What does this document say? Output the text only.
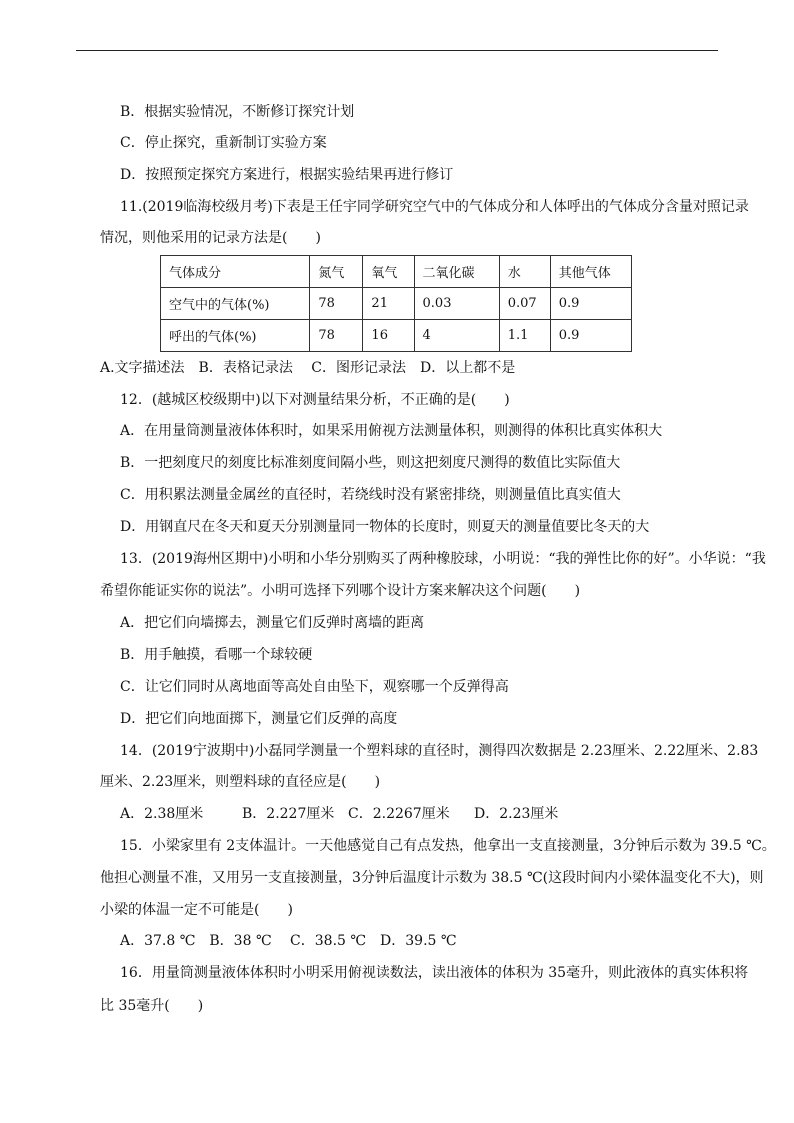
B．根据实验情况，不断修订探究计划
C．停止探究，重新制订实验方案
D．按照预定探究方案进行，根据实验结果再进行修订
11.(2019临海校级月考)下表是王任宇同学研究空气中的气体成分和人体呼出的气体成分含量对照记录
情况，则他采用的记录方法是(　　)
气体成分	氮气	氧气	二氧化碳	水	其他气体
空气中的气体(%)	78	21	0.03	0.07	0.9
呼出的气体(%)	78	16	4	1.1	0.9
A.文字描述法　B．表格记录法　 C．图形记录法　D．以上都不是
12．(越城区校级期中)以下对测量结果分析，不正确的是(　　)
A．在用量筒测量液体体积时，如果采用俯视方法测量体积，则测得的体积比真实体积大
B．一把刻度尺的刻度比标准刻度间隔小些，则这把刻度尺测得的数值比实际值大
C．用积累法测量金属丝的直径时，若绕线时没有紧密排绕，则测量值比真实值大
D．用钢直尺在冬天和夏天分别测量同一物体的长度时，则夏天的测量值要比冬天的大
13．(2019海州区期中)小明和小华分别购买了两种橡胶球，小明说：“我的弹性比你的好”。小华说：“我
希望你能证实你的说法”。小明可选择下列哪个设计方案来解决这个问题(　　)
A．把它们向墙掷去，测量它们反弹时离墙的距离
B．用手触摸，看哪一个球较硬
C．让它们同时从离地面等高处自由坠下，观察哪一个反弹得高
D．把它们向地面掷下，测量它们反弹的高度
14．(2019宁波期中)小磊同学测量一个塑料球的直径时，测得四次数据是 2.23厘米、2.22厘米、2.83
厘米、2.23厘米，则塑料球的直径应是(　　)
A．2.38厘米	B．2.227厘米 C．2.2267厘米 D．2.23厘米
15．小梁家里有 2支体温计。一天他感觉自己有点发热，他拿出一支直接测量，3分钟后示数为 39.5 ℃。
他担心测量不准，又用另一支直接测量，3分钟后温度计示数为 38.5 ℃(这段时间内小梁体温变化不大)，则
小梁的体温一定不可能是(　　)
A．37.8 ℃　B．38 ℃　 C．38.5 ℃　D．39.5 ℃
16．用量筒测量液体体积时小明采用俯视读数法，读出液体的体积为 35毫升，则此液体的真实体积将
比 35毫升(　　)
